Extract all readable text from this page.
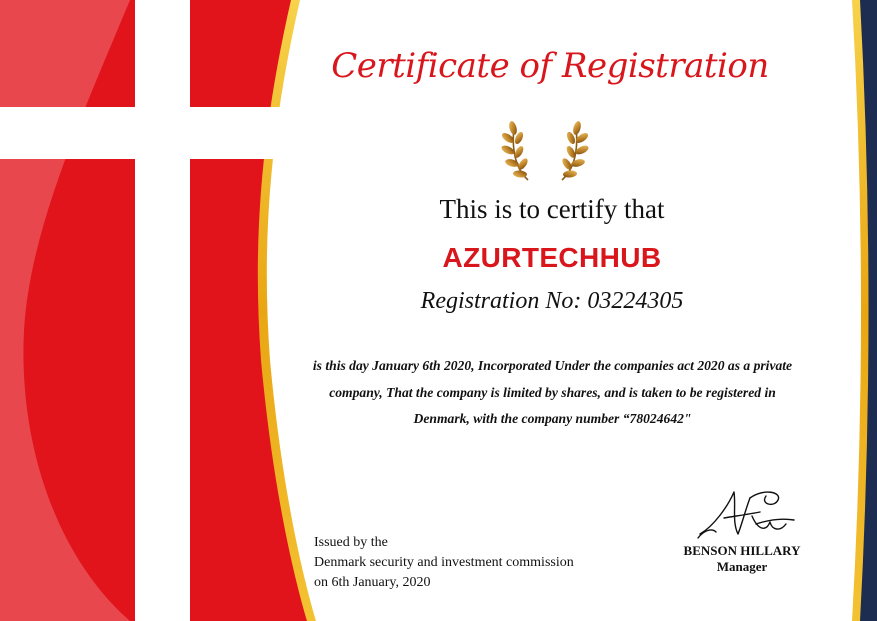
Certificate of Registration
This is to certify that
AZURTECHHUB
Registration No: 03224305
is this day January 6th 2020, Incorporated Under the companies act 2020 as a private
company, That the company is limited by shares, and is taken to be registered in
Denmark, with the company number “78024642"
Issued by the
Denmark security and investment commission
on 6th January, 2020
BENSON HILLARY
Manager
